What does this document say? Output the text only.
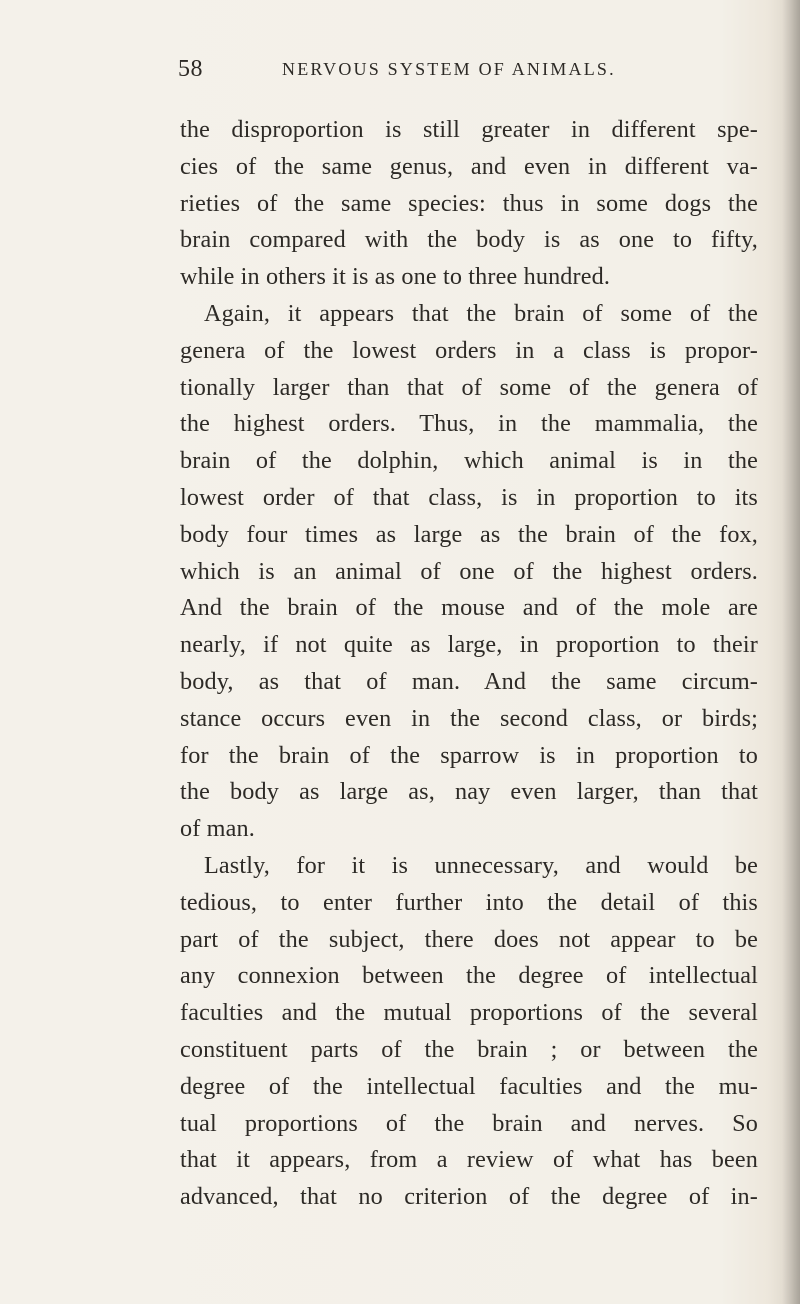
58	NERVOUS SYSTEM OF ANIMALS.
the disproportion is still greater in different spe-
cies of the same genus, and even in different va-
rieties of the same species: thus in some dogs the
brain compared with the body is as one to fifty,
while in others it is as one to three hundred.
Again, it appears that the brain of some of the
genera of the lowest orders in a class is propor-
tionally larger than that of some of the genera of
the highest orders. Thus, in the mammalia, the
brain of the dolphin, which animal is in the
lowest order of that class, is in proportion to its
body four times as large as the brain of the fox,
which is an animal of one of the highest orders.
And the brain of the mouse and of the mole are
nearly, if not quite as large, in proportion to their
body, as that of man. And the same circum-
stance occurs even in the second class, or birds;
for the brain of the sparrow is in proportion to
the body as large as, nay even larger, than that
of man.
Lastly, for it is unnecessary, and would be
tedious, to enter further into the detail of this
part of the subject, there does not appear to be
any connexion between the degree of intellectual
faculties and the mutual proportions of the several
constituent parts of the brain ; or between the
degree of the intellectual faculties and the mu-
tual proportions of the brain and nerves. So
that it appears, from a review of what has been
advanced, that no criterion of the degree of in-
